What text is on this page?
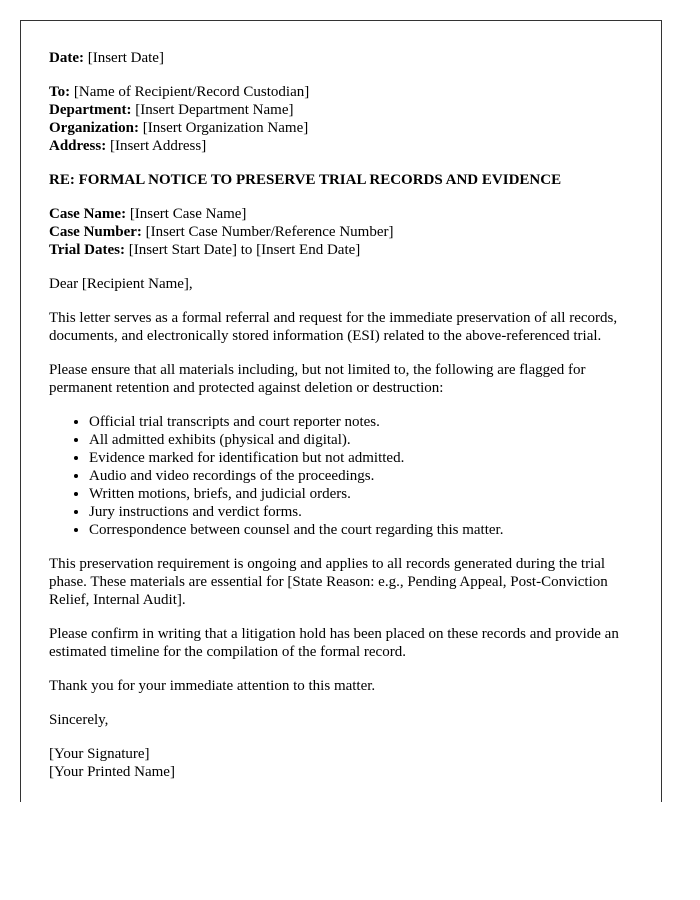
Date: [Insert Date]

To: [Name of Recipient/Record Custodian]
Department: [Insert Department Name]
Organization: [Insert Organization Name]
Address: [Insert Address]

RE: FORMAL NOTICE TO PRESERVE TRIAL RECORDS AND EVIDENCE

Case Name: [Insert Case Name]
Case Number: [Insert Case Number/Reference Number]
Trial Dates: [Insert Start Date] to [Insert End Date]

Dear [Recipient Name],

This letter serves as a formal referral and request for the immediate preservation of all records, documents, and electronically stored information (ESI) related to the above-referenced trial.

Please ensure that all materials including, but not limited to, the following are flagged for permanent retention and protected against deletion or destruction:

• Official trial transcripts and court reporter notes.
• All admitted exhibits (physical and digital).
• Evidence marked for identification but not admitted.
• Audio and video recordings of the proceedings.
• Written motions, briefs, and judicial orders.
• Jury instructions and verdict forms.
• Correspondence between counsel and the court regarding this matter.

This preservation requirement is ongoing and applies to all records generated during the trial phase. These materials are essential for [State Reason: e.g., Pending Appeal, Post-Conviction Relief, Internal Audit].

Please confirm in writing that a litigation hold has been placed on these records and provide an estimated timeline for the compilation of the formal record.

Thank you for your immediate attention to this matter.

Sincerely,

[Your Signature]
[Your Printed Name]
